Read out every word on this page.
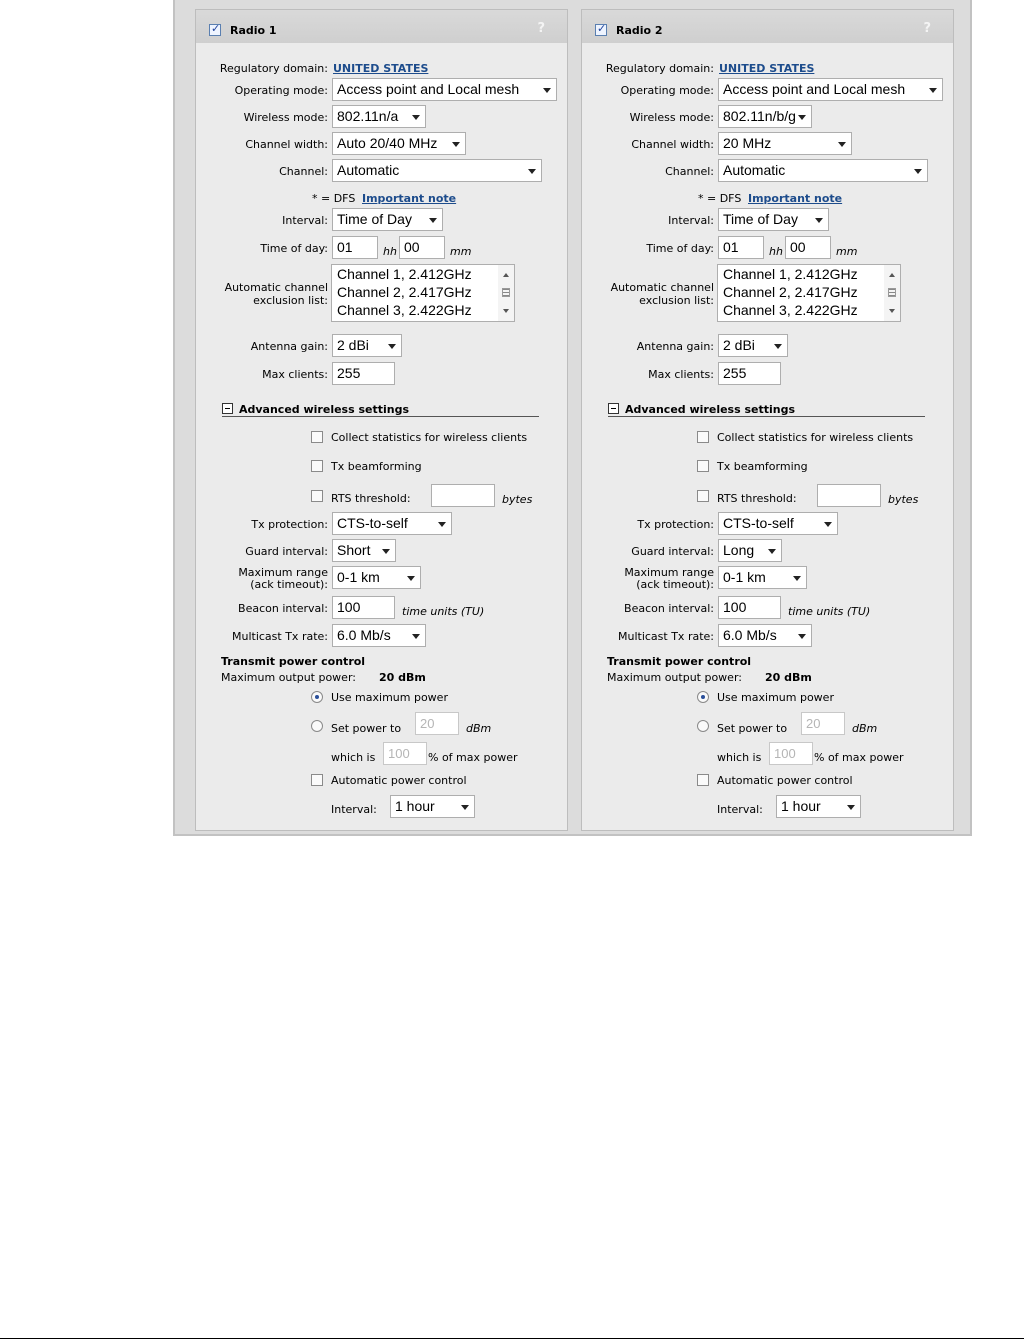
✓
Radio 1	?
Regulatory domain: UNITED STATES
Operating mode: Access point and Local mesh
Wireless mode: 802.11n/a
Channel width: Auto 20/40 MHz
Channel: Automatic
* = DFS Important note
Interval: Time of Day
Time of day: 01	hh 00	mm
Automatic channel
exclusion list:
Channel 1, 2.412GHz
Channel 2, 2.417GHz
Channel 3, 2.422GHz
Antenna gain: 2 dBi
Max clients: 255
Advanced wireless settings
Collect statistics for wireless clients
Tx beamforming
RTS threshold:	bytes
Tx protection: CTS-to-self
Guard interval: Short
Maximum range
(ack timeout): 0-1 km
Beacon interval: 100	time units (TU)
Multicast Tx rate: 6.0 Mb/s
Transmit power control
Maximum output power: 20 dBm
Use maximum power
Set power to	20	dBm
which is 100	% of max power
Automatic power control
Interval:	1 hour
✓
Radio 2	?
Regulatory domain: UNITED STATES
Operating mode: Access point and Local mesh
Wireless mode: 802.11n/b/g
Channel width: 20 MHz
Channel: Automatic
* = DFS Important note
Interval: Time of Day
Time of day: 01	hh 00	mm
Automatic channel
exclusion list:
Channel 1, 2.412GHz
Channel 2, 2.417GHz
Channel 3, 2.422GHz
Antenna gain: 2 dBi
Max clients: 255
Advanced wireless settings
Collect statistics for wireless clients
Tx beamforming
RTS threshold:	bytes
Tx protection: CTS-to-self
Guard interval: Long
Maximum range
(ack timeout): 0-1 km
Beacon interval: 100	time units (TU)
Multicast Tx rate: 6.0 Mb/s
Transmit power control
Maximum output power: 20 dBm
Use maximum power
Set power to	20	dBm
which is 100	% of max power
Automatic power control
Interval:	1 hour
